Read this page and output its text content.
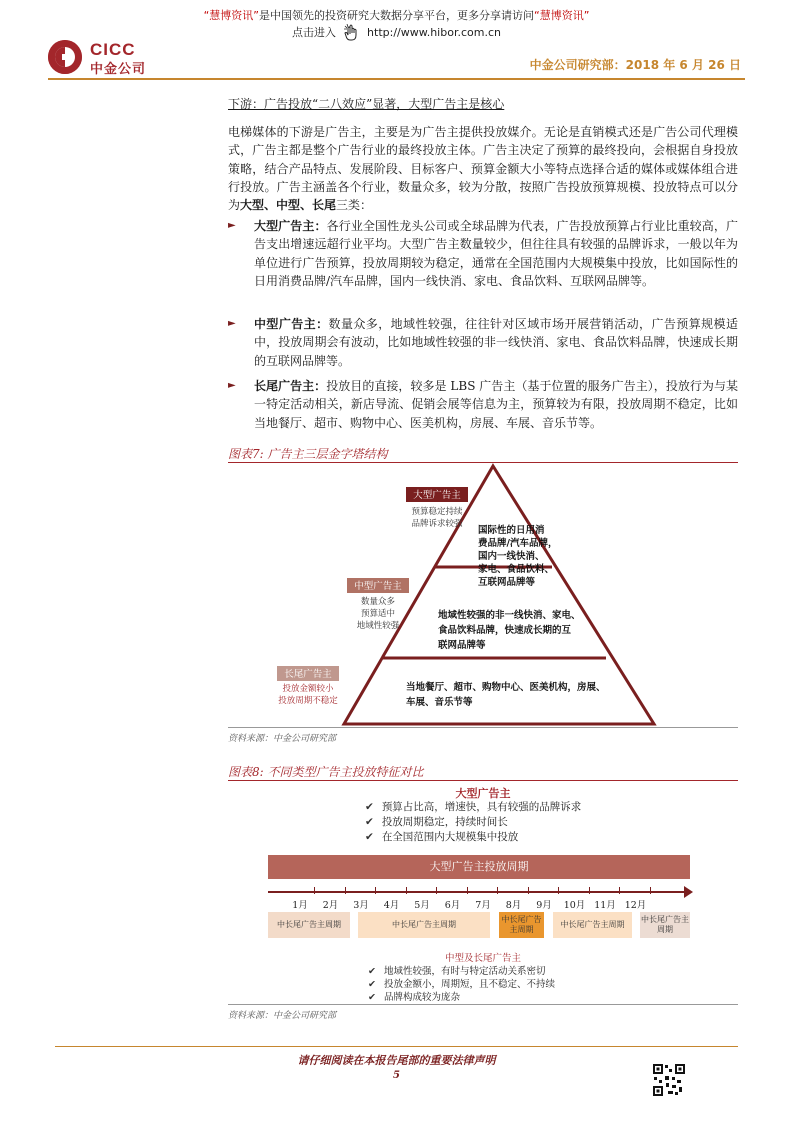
“慧博资讯”是中国领先的投资研究大数据分享平台，更多分享请访问“慧博资讯”
点击进入	http://www.hibor.com.cn
CICC
中金公司	中金公司研究部：2018 年 6 月 26 日
下游：广告投放“二八效应”显著，大型广告主是核心
电梯媒体的下游是广告主，主要是为广告主提供投放媒介。无论是直销模式还是广告公司代理模式，广告主都是整个广告行业的最终投放主体。广告主决定了预算的最终投向，会根据自身投放策略，结合产品特点、发展阶段、目标客户、预算金额大小等特点选择合适的媒体或媒体组合进行投放。广告主涵盖各个行业，数量众多，较为分散，按照广告投放预算规模、投放特点可以分为大型、中型、长尾三类：
► 大型广告主：各行业全国性龙头公司或全球品牌为代表，广告投放预算占行业比重较高，广告支出增速远超行业平均。大型广告主数量较少，但往往具有较强的品牌诉求，一般以年为单位进行广告预算，投放周期较为稳定，通常在全国范围内大规模集中投放，比如国际性的日用消费品牌/汽车品牌，国内一线快消、家电、食品饮料、互联网品牌等。
► 中型广告主：数量众多，地域性较强，往往针对区域市场开展营销活动，广告预算规模适中，投放周期会有波动，比如地域性较强的非一线快消、家电、食品饮料品牌，快速成长期的互联网品牌等。
► 长尾广告主：投放目的直接，较多是 LBS 广告主（基于位置的服务广告主），投放行为与某一特定活动相关，新店导流、促销会展等信息为主，预算较为有限，投放周期不稳定，比如当地餐厅、超市、购物中心、医美机构，房展、车展、音乐节等。
图表7: 广告主三层金字塔结构
大型广告主
预算稳定持续
品牌诉求较强
国际性的日用消
费品牌/汽车品牌，
国内一线快消、
家电、食品饮料、
互联网品牌等
中型广告主
数量众多
预算适中
地域性较强
地域性较强的非一线快消、家电、
食品饮料品牌，快速成长期的互
联网品牌等
长尾广告主
投放金额较小
投放周期不稳定
当地餐厅、超市、购物中心、医美机构，房展、
车展、音乐节等
资料来源：中金公司研究部
图表8: 不同类型广告主投放特征对比
大型广告主
✔ 预算占比高，增速快，具有较强的品牌诉求
✔ 投放周期稳定，持续时间长
✔ 在全国范围内大规模集中投放
大型广告主投放周期
1月 2月 3月 4月 5月 6月 7月 8月 9月 10月 11月 12月
中长尾广告主周期	中长尾广告主周期
中长尾广告主周期
中长尾广告主周期
中长尾广告主周期
中型及长尾广告主
✔ 地域性较强，有时与特定活动关系密切
✔ 投放金额小，周期短，且不稳定、不持续
✔ 品牌构成较为庞杂
资料来源：中金公司研究部
请仔细阅读在本报告尾部的重要法律声明
5
